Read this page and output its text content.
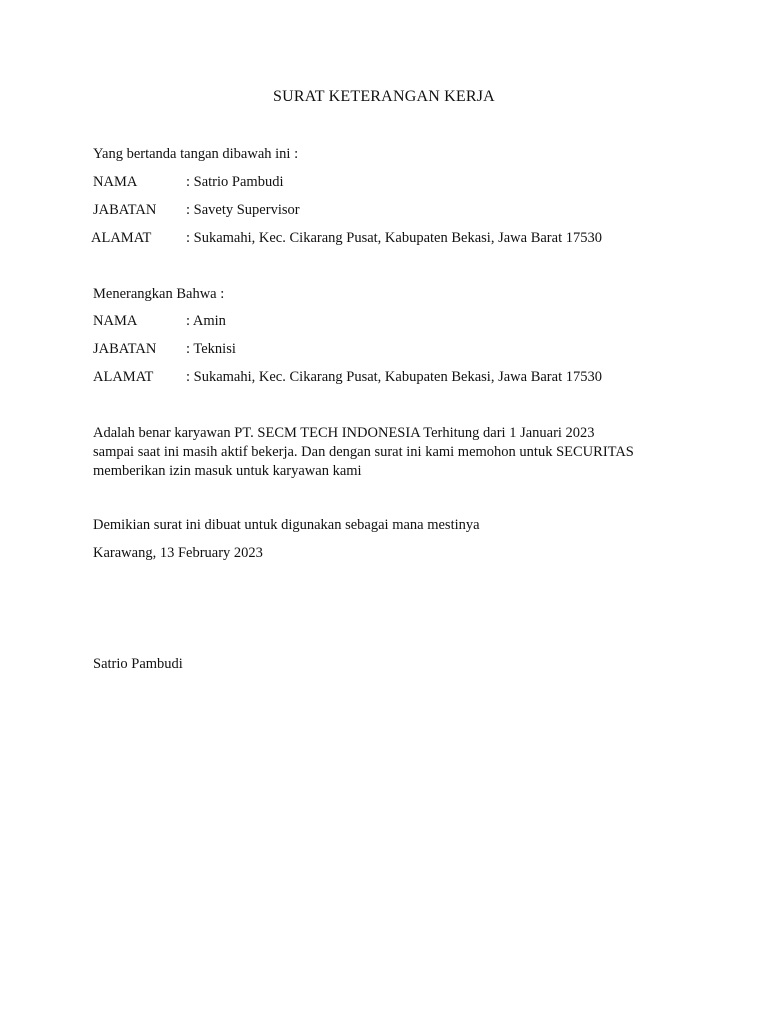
SURAT KETERANGAN KERJA
Yang bertanda tangan dibawah ini :
NAMA	: Satrio Pambudi
JABATAN : Savety Supervisor
ALAMAT : Sukamahi, Kec. Cikarang Pusat, Kabupaten Bekasi, Jawa Barat 17530
Menerangkan Bahwa :
NAMA	: Amin
JABATAN : Teknisi
ALAMAT : Sukamahi, Kec. Cikarang Pusat, Kabupaten Bekasi, Jawa Barat 17530

Adalah benar karyawan PT. SECM TECH INDONESIA Terhitung dari 1 Januari 2023

sampai saat ini masih aktif bekerja. Dan dengan surat ini kami memohon untuk SECURITAS

memberikan izin masuk untuk karyawan kami

Demikian surat ini dibuat untuk digunakan sebagai mana mestinya
Karawang, 13 February 2023
Satrio Pambudi
